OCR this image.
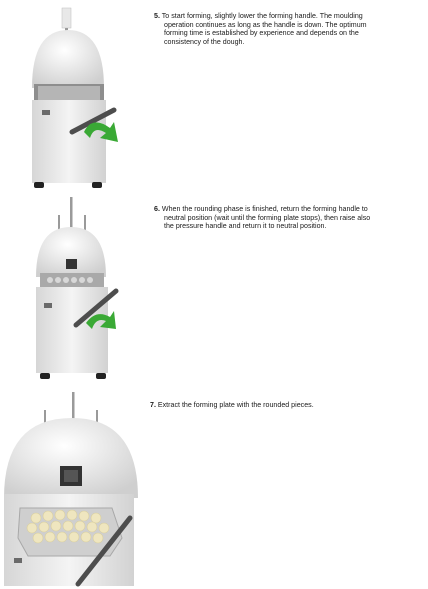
5. To start forming, slightly lower the forming handle. The moulding
operation continues as long as the handle is down. The optimum
forming time is established by experience and depends on the
consistency of the dough.
6. When the rounding phase is finished, return the forming handle to
neutral position (wait until the forming plate stops), then raise also
the pressure handle and return it to neutral position.
7. Extract the forming plate with the rounded pieces.
